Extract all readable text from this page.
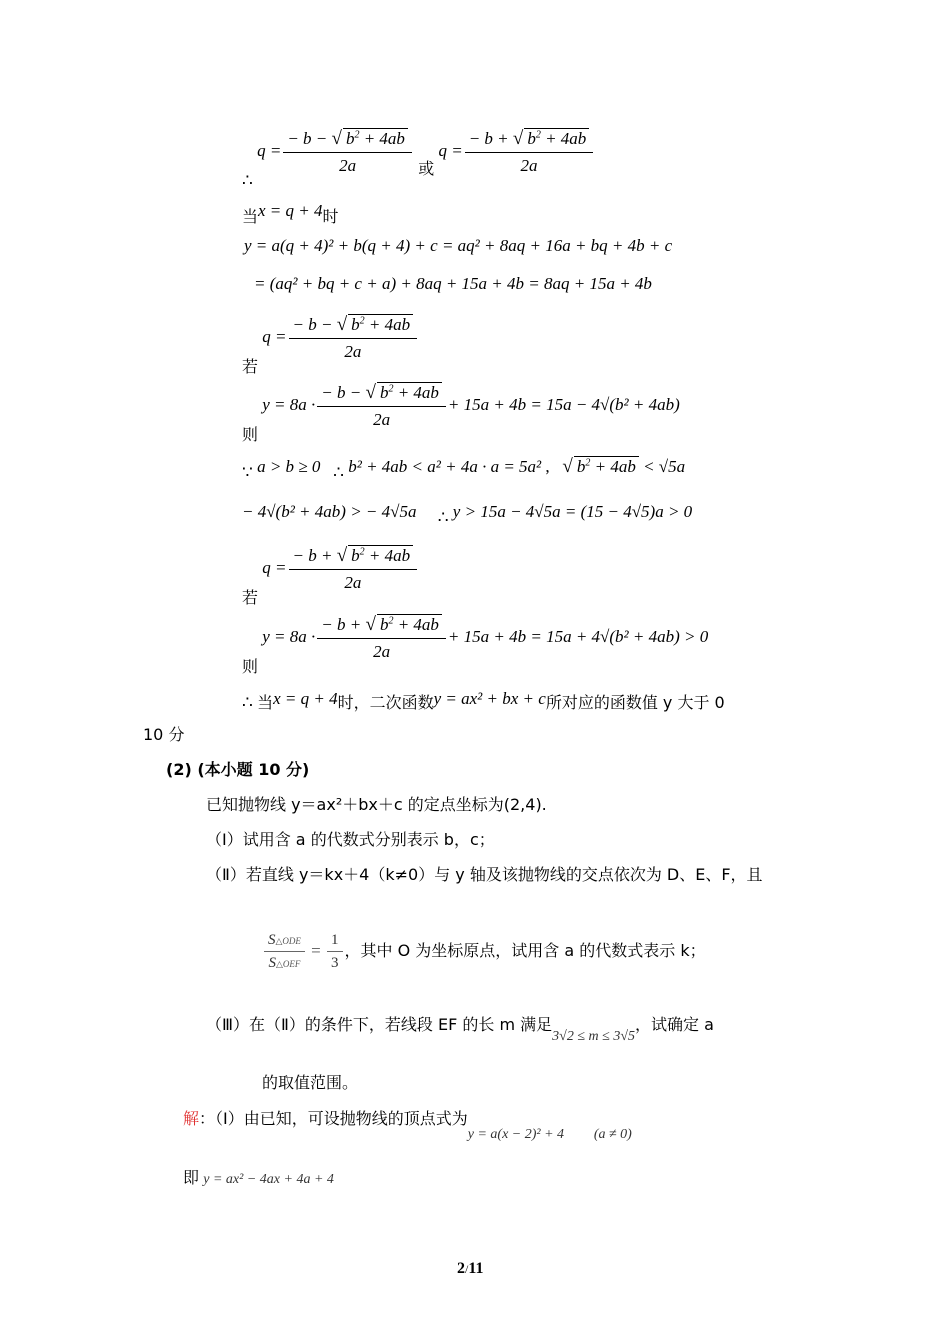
∴ $q = \frac{- b - √ b^2 + 4ab}{2a}$ 或 $q = \frac{- b + √ b^2 + 4ab}{2a}$
当x = q + 4时
y = a(q + 4)² + b(q + 4) + c = aq² + 8aq + 16a + bq + 4b + c
= (aq² + bq + c + a) + 8aq + 15a + 4b = 8aq + 15a + 4b
若 $q = \frac{- b - √ b^2 + 4ab}{2a}$
则 $y = 8a \cdot \frac{- b - √ b^2 + 4ab}{2a} + 15a + 4b = 15a - 4√(b^2 + 4ab)$
∵ a > b ≥ 0 ∴ b² + 4ab < a² + 4a · a = 5a² , √ $b^2 + 4ab < √5a$
− 4√(b² + 4ab) > − 4√5a ∴ y > 15a − 4√5a = (15 − 4√5)a > 0
若 $q = \frac{- b + √ b^2 + 4ab}{2a}$
则 $y = 8a \cdot \frac{- b + √ b^2 + 4ab}{2a} + 15a + 4b = 15a + 4√(b^2 + 4ab) > 0$
∴ 当x = q + 4时，二次函数y = ax² + bx + c所对应的函数值 y 大于 0
10 分
(2) (本小题 10 分)
已知抛物线 y＝ax²＋bx＋c 的定点坐标为(2,4).
（Ⅰ）试用含 a 的代数式分别表示 b，c；
（Ⅱ）若直线 y＝kx＋4（k≠0）与 y 轴及该抛物线的交点依次为 D、E、F，且
$\frac{\text{S△ODE}}{\text{S△OEF}} = \frac{1}{3}$ ，其中 O 为坐标原点，试用含 a 的代数式表示 k；
（Ⅲ）在（Ⅱ）的条件下，若线段 EF 的长 m 满足$_{3√2 \le m \le 3√5}$，试确定 a
的取值范围。
解：（I）由已知，可设抛物线的顶点式为$_{y = a(x - 2)^2 + 4}$ $_{(a \ne 0)}$
即 y = ax² − 4ax + 4a + 4
2/11
